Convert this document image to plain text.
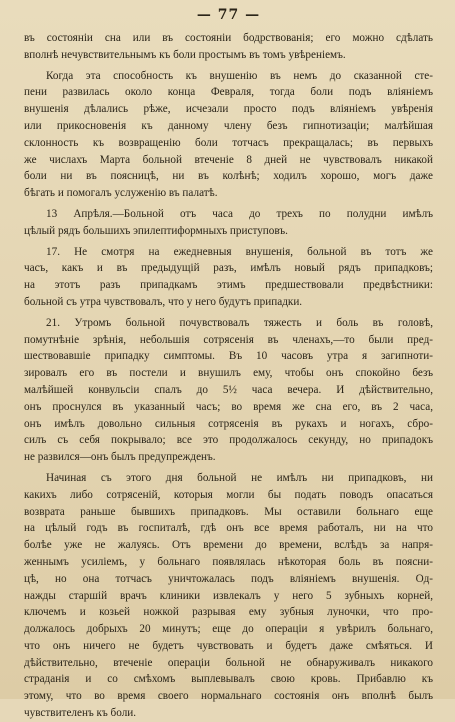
— 77 —
въ состояніи сна или въ состояніи бодрствованія; его можно сдѣлать
вполнѣ нечувствительнымъ къ боли простымъ въ томъ увѣреніемъ.
Когда эта способность къ внушенію въ немъ до сказанной сте-
пени развилась около конца Февраля, тогда боли подъ вліяніемъ
внушенія дѣлались рѣже, исчезали просто подъ вліяніемъ увѣренія
или прикосновенія къ данному члену безъ гипнотизаціи; малѣйшая
склонность къ возвращенію боли тотчасъ прекращалась; въ первыхъ
же числахъ Марта больной втеченіе 8 дней не чувствовалъ никакой
боли ни въ поясницѣ, ни въ колѣнѣ; ходилъ хорошо, могъ даже
бѣгать и помогалъ услуженію въ палатѣ.
13 Апрѣля.—Больной отъ часа до трехъ по полудни имѣлъ
цѣлый рядъ большихъ эпилептиформныхъ приступовъ.
17. Не смотря на ежедневныя внушенія, больной въ тотъ же
часъ, какъ и въ предыдущій разъ, имѣлъ новый рядъ припадковъ;
на этотъ разъ припадкамъ этимъ предшествовали предвѣстники:
больной съ утра чувствовалъ, что у него будутъ припадки.
21. Утромъ больной почувствовалъ тяжесть и боль въ головѣ,
помутнѣніе зрѣнія, небольшія сотрясенія въ членахъ,—то были пред-
шествовавшіе припадку симптомы. Въ 10 часовъ утра я загипноти-
зировалъ его въ постели и внушилъ ему, чтобы онъ спокойно безъ
малѣйшей конвульсіи спалъ до 5½ часа вечера. И дѣйствительно,
онъ проснулся въ указанный часъ; во время же сна его, въ 2 часа,
онъ имѣлъ довольно сильныя сотрясенія въ рукахъ и ногахъ, сбро-
силъ съ себя покрывало; все это продолжалось секунду, но припадокъ
не развился—онъ былъ предупрежденъ.
Начиная съ этого дня больной не имѣлъ ни припадковъ, ни
какихъ либо сотрясеній, которыя могли бы подать поводъ опасаться
возврата раньше бывшихъ припадковъ. Мы оставили больнаго еще
на цѣлый годъ въ госпиталѣ, гдѣ онъ все время работалъ, ни на что
болѣе уже не жалуясь. Отъ времени до времени, вслѣдъ за напря-
женнымъ усиліемъ, у больнаго появлялась нѣкоторая боль въ поясни-
цѣ, но она тотчасъ уничтожалась подъ вліяніемъ внушенія. Од-
нажды старшій врачъ клиники извлекалъ у него 5 зубныхъ корней,
ключемъ и козьей ножкой разрывая ему зубныя луночки, что про-
должалось добрыхъ 20 минутъ; еще до операціи я увѣрилъ больнаго,
что онъ ничего не будетъ чувствовать и будетъ даже смѣяться. И
дѣйствительно, втеченіе операціи больной не обнаруживалъ никакого
страданія и со смѣхомъ выплевывалъ свою кровь. Прибавлю къ
этому, что во время своего нормальнаго состоянія онъ вполнѣ былъ
чувствителенъ къ боли.
